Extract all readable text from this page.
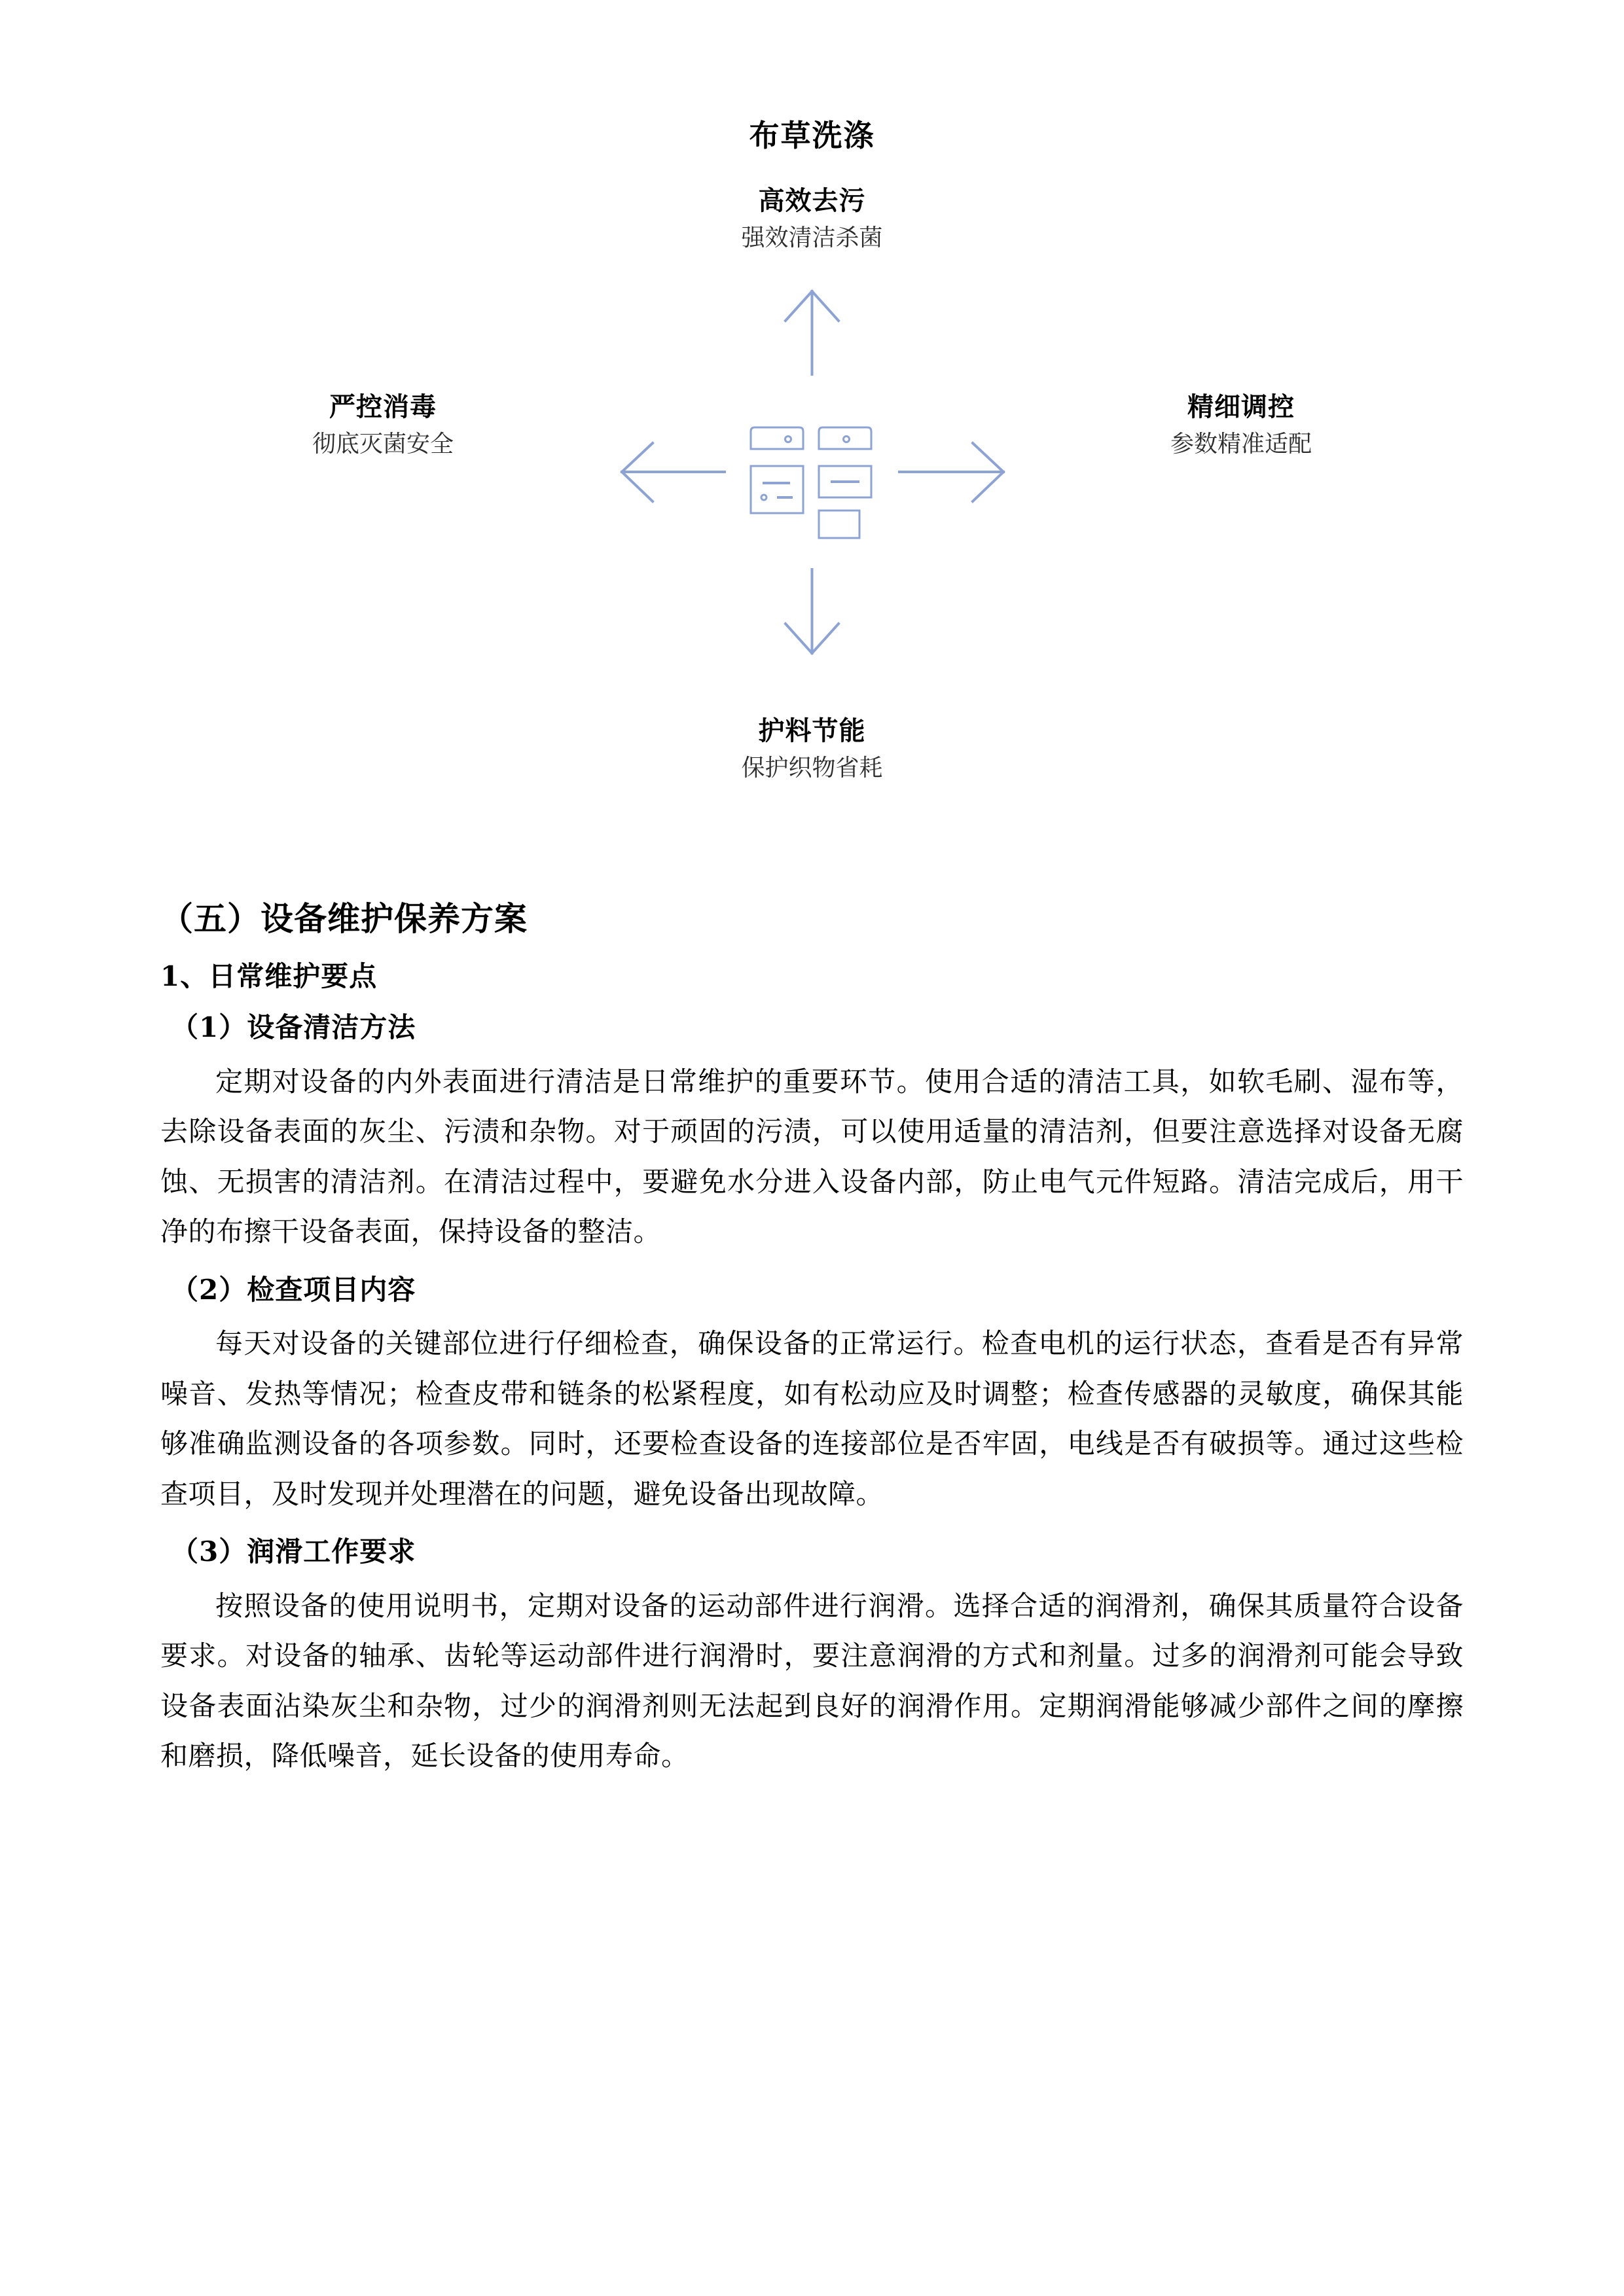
布草洗涤
高效去污
强效清洁杀菌
严控消毒
彻底灭菌安全
精细调控
参数精准适配
护料节能
保护织物省耗
（五）设备维护保养方案
1、日常维护要点
（1）设备清洁方法

定期对设备的内外表面进行清洁是日常维护的重要环节。使用合适的清洁工具，如软毛刷、湿布等，去除设备表面的灰尘、污渍和杂物。对于顽固的污渍，可以使用适量的清洁剂，但要注意选择对设备无腐蚀、无损害的清洁剂。在清洁过程中，要避免水分进入设备内部，防止电气元件短路。清洁完成后，用干净的布擦干设备表面，保持设备的整洁。

（2）检查项目内容

每天对设备的关键部位进行仔细检查，确保设备的正常运行。检查电机的运行状态，查看是否有异常噪音、发热等情况；检查皮带和链条的松紧程度，如有松动应及时调整；检查传感器的灵敏度，确保其能够准确监测设备的各项参数。同时，还要检查设备的连接部位是否牢固，电线是否有破损等。通过这些检查项目，及时发现并处理潜在的问题，避免设备出现故障。

（3）润滑工作要求

按照设备的使用说明书，定期对设备的运动部件进行润滑。选择合适的润滑剂，确保其质量符合设备要求。对设备的轴承、齿轮等运动部件进行润滑时，要注意润滑的方式和剂量。过多的润滑剂可能会导致设备表面沾染灰尘和杂物，过少的润滑剂则无法起到良好的润滑作用。定期润滑能够减少部件之间的摩擦和磨损，降低噪音，延长设备的使用寿命。
